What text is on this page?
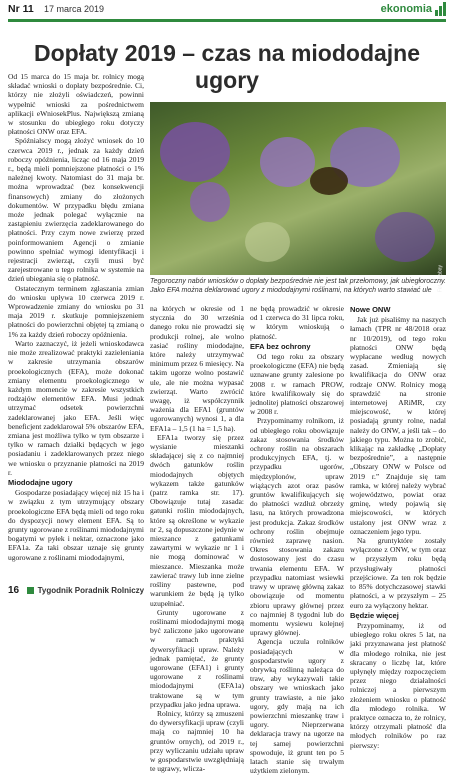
Nr 11 17 marca 2019	ekonomia
Dopłaty 2019 – czas na miododajne ugory

Od 15 marca do 15 maja br. rolnicy mogą składać wnioski o dopłaty bezpośrednie. Ci, którzy nie złożyli oświadczeń, powinni wypełnić wnioski za pośrednictwem aplikacji eWniosekPlus. Największą zmianą w stosunku do ubiegłego roku dotyczy płatności ONW oraz EFA.

Spóźnialscy mogą złożyć wniosek do 10 czerwca 2019 r., jednak za każdy dzień roboczy opóźnienia, licząc od 16 maja 2019 r., będą mieli pomniejszone płatności o 1% należnej kwoty. Natomiast do 31 maja br. można wprowadzać (bez konsekwencji finansowych) zmiany do złożonych dokumentów. W przypadku błędu zmiana może jednak polegać wyłącznie na zastąpieniu zwierzęcia zadeklarowanego do płatności. Przy czym nowe zwierzę przed poinformowaniem Agencji o zmianie powinno spełniać wymogi identyfikacji i rejestracji zwierząt, czyli musi być zarejestrowane u tego rolnika w systemie na dzień ubiegania się o płatność.

Ostatecznym terminem zgłaszania zmian do wniosku upływa 10 czerwca 2019 r. Wprowadzenie zmiany do wniosku po 31 maja 2019 r. skutkuje pomniejszeniem płatności do powierzchni objętej tą zmianą o 1% za każdy dzień roboczy opóźnienia.

Warto zaznaczyć, iż jeżeli wnioskodawca nie może zrealizować praktyki zazieleniania w zakresie utrzymania obszarów proekologicznych (EFA), może dokonać zmiany elementu proekologicznego w każdym momencie w zakresie wszystkich rodzajów elementów EFA. Musi jednak utrzymać odsetek powierzchni zadeklarowanej jako EFA. Jeśli więc beneficjent zadeklarował 5% obszarów EFA, zmiana jest możliwa tylko w tym obszarze i tylko w ramach działki będących w jego posiadaniu i zadeklarowanych przez niego we wniosku o przyznanie płatności na 2019 r.

Miododajne ugory

Gospodarze posiadający więcej niż 15 ha i w związku z tym utrzymujący obszary proekologiczne EFA będą mieli od tego roku do dyspozycji nowy element EFA. Są to grunty ugorowane z roślinami miododajnymi bogatymi w pyłek i nektar, oznaczone jako EFA1a. Za taki obszar uznaje się grunty ugorowane z roślinami miododajnymi,

Fot. pixabay
Tegoroczny nabór wniosków o dopłaty bezpośrednie nie jest tak przełomowy, jak ubiegłoroczny. Jako EFA można deklarować ugory z miododajnymi roślinami, na których warto stawiać ule

na których w okresie od 1 stycznia do 30 września danego roku nie prowadzi się produkcji rolnej, ale wolno zasiać rośliny miododajne, które należy utrzymywać minimum przez 6 miesięcy. Na takim ugorze wolno postawić ule, ale nie można wypasać zwierząt. Warto zwrócić uwagę, iż współczynnik ważenia dla EFA1 (gruntów ugorowanych) wynosi 1, a dla EFA1a – 1,5 (1 ha = 1,5 ha).

EFA1a tworzy się przez wysianie mieszanki składającej się z co najmniej dwóch gatunków roślin miododajnych objętych wykazem także gatunków (patrz ramka str. 17). Obowiązuje tutaj zasada: gatunki roślin miododajnych, które są określone w wykazie nr 2, są dopuszczone jedynie w mieszance z gatunkami zawartymi w wykazie nr 1 i nie mogą dominować w mieszance. Mieszanka może zawierać trawy lub inne zielne rośliny pastewne, pod warunkiem że będą ją tylko uzupełniać.

Grunty ugorowane z roślinami miododajnymi mogą być zaliczone jako ugorowane w ramach praktyki dywersyfikacji upraw. Należy jednak pamiętać, że grunty ugorowane (EFA1) i grunty ugorowane z roślinami miododajnymi (EFA1a) traktowane są w tym przypadku jako jedna uprawa.

Rolnicy, którzy są zmuszeni do dywersyfikacji upraw (czyli mają co najmniej 10 ha gruntów ornych), od 2019 r., przy wyliczaniu udziału upraw w gospodarstwie uwzględniają te ugrawy, wlicza-

ne będą prowadzić w okresie od 1 czerwca do 31 lipca roku, w którym wnioskują o płatność.

EFA bez ochrony

Od tego roku za obszary proekologiczne (EFA) nie będą uznawane grunty zalesione po 2008 r. w ramach PROW, które kwalifikowały się do jednolitej płatności obszarowej w 2008 r.

Przypominamy rolnikom, iż od ubiegłego roku obowiązuje zakaz stosowania środków ochrony roślin na obszarach produkcyjnych EFA, tj. w przypadku ugorów, międzyplonów, upraw wiążących azot oraz pasów gruntów kwalifikujących się do płatności wzdłuż obrzeży lasu, na których prowadzona jest produkcja. Zakaz środków ochrony roślin obejmuje również zaprawę nasion. Okres stosowania zakazu dostosowany jest do czasu trwania elementu EFA. W przypadku natomiast wsiewki trawy w uprawę główną zakaz obowiązuje od momentu zbioru uprawy głównej przez co najmniej 8 tygodni lub do momentu wysiewu kolejnej uprawy głównej.

Agencja uczula rolników posiadających w gospodarstwie ugory z obrywką roślinną należąca do traw, aby wykazywali takie obszary we wnioskach jako grunty trawiaste, a nie jako ugory, gdy mają na ich powierzchni mieszankę traw i ugory. Nieprzerwana deklaracja trawy na ugorze na tej samej powierzchni spowoduje, iż grunt ten po 5 latach stanie się trwałym użytkiem zielonym.

Nowe ONW

Jak już pisaliśmy na naszych łamach (TPR nr 48/2018 oraz nr 10/2019), od tego roku płatności ONW będą wypłacane według nowych zasad. Zmieniają się kwalifikacja do ONW oraz rodzaje ONW. Rolnicy mogą sprawdzić na stronie internetowej ARiMR, czy miejscowość, w której posiadają grunty rolne, nadal należy do ONW, a jeśli tak – do jakiego typu. Można to zrobić, klikając na zakładkę „Dopłaty bezpośrednie”, a następnie „Obszary ONW w Polsce od 2019 r.” Znajduje się tam ramka, w której należy wybrać województwo, powiat oraz gminę, wtedy pojawią się miejscowości, w których ustalony jest ONW wraz z oznaczeniem jego typu.

Na gruntyktóre zostały wyłączone z ONW, w tym oraz w przyszłym roku będą przysługiwały płatności przejściowe. Za ten rok będzie to 85% dotychczasowej stawki płatności, a w przyszłym – 25 euro za wyłączony hektar.

Będzie więcej

Przypominamy, iż od ubiegłego roku okres 5 lat, na jaki przyznawana jest płatność dla młodego rolnika, nie jest skracany o liczbę lat, które upłynęły między rozpoczęciem przez niego działalności rolniczej a pierwszym złożeniem wniosku o płatność dla młodego rolnika. W praktyce oznacza to, że rolnicy, którzy otrzymali płatność dla młodych rolników po raz pierwszy:

16 Tygodnik Poradnik Rolniczy
